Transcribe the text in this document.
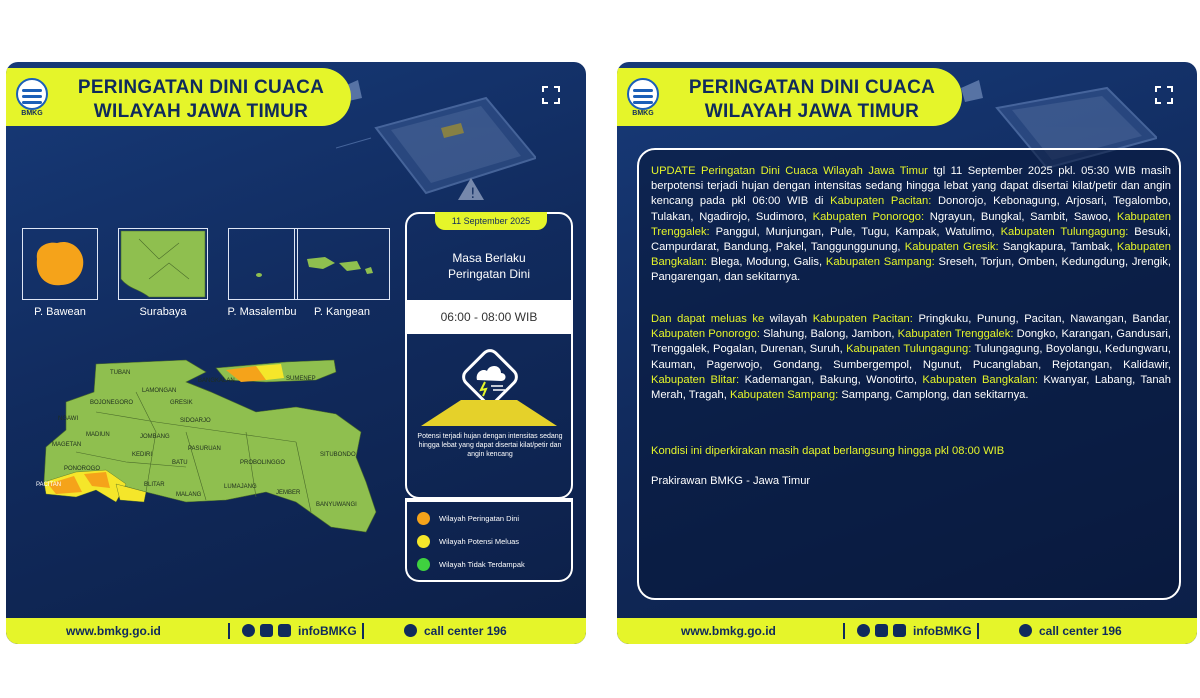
!
BMKG
PERINGATAN DINI CUACA
WILAYAH JAWA TIMUR
P. Bawean	Surabaya	P. Masalembu	P. Kangean
TUBAN
LAMONGAN
BOJONEGORO	GRESIK
BANGKALAN	SUMENEP
NGAWI
MADIUN
SIDOARJO
MAGETAN
JOMBANG
PASURUAN
KEDIRI
BATU	PROBOLINGGO
SITUBONDO
PONOROGO
PACITAN	BLITAR
MALANG
LUMAJANG
JEMBER
BANYUWANGI
11 September 2025
Masa Berlaku
Peringatan Dini
06:00 - 08:00 WIB
Potensi terjadi hujan dengan intensitas sedang hingga lebat yang dapat disertai kilat/petir dan angin kencang
Wilayah Peringatan Dini
Wilayah Potensi Meluas
Wilayah Tidak Terdampak
www.bmkg.go.id	infoBMKG	call center 196
BMKG
PERINGATAN DINI CUACA
WILAYAH JAWA TIMUR
UPDATE Peringatan Dini Cuaca Wilayah Jawa Timur tgl 11 September 2025 pkl. 05:30 WIB masih berpotensi terjadi hujan dengan intensitas sedang hingga lebat yang dapat disertai kilat/petir dan angin kencang pada pkl 06:00 WIB di Kabupaten Pacitan: Donorojo, Kebonagung, Arjosari, Tegalombo, Tulakan, Ngadirojo, Sudimoro, Kabupaten Ponorogo: Ngrayun, Bungkal, Sambit, Sawoo, Kabupaten Trenggalek: Panggul, Munjungan, Pule, Tugu, Kampak, Watulimo, Kabupaten Tulungagung: Besuki, Campurdarat, Bandung, Pakel, Tanggunggunung, Kabupaten Gresik: Sangkapura, Tambak, Kabupaten Bangkalan: Blega, Modung, Galis, Kabupaten Sampang: Sreseh, Torjun, Omben, Kedungdung, Jrengik, Pangarengan, dan sekitarnya.
Dan dapat meluas ke wilayah Kabupaten Pacitan: Pringkuku, Punung, Pacitan, Nawangan, Bandar, Kabupaten Ponorogo: Slahung, Balong, Jambon, Kabupaten Trenggalek: Dongko, Karangan, Gandusari, Trenggalek, Pogalan, Durenan, Suruh, Kabupaten Tulungagung: Tulungagung, Boyolangu, Kedungwaru, Kauman, Pagerwojo, Gondang, Sumbergempol, Ngunut, Pucanglaban, Rejotangan, Kalidawir, Kabupaten Blitar: Kademangan, Bakung, Wonotirto, Kabupaten Bangkalan: Kwanyar, Labang, Tanah Merah, Tragah, Kabupaten Sampang: Sampang, Camplong, dan sekitarnya.
Kondisi ini diperkirakan masih dapat berlangsung hingga pkl 08:00 WIB
Prakirawan BMKG - Jawa Timur
www.bmkg.go.id	infoBMKG	call center 196
